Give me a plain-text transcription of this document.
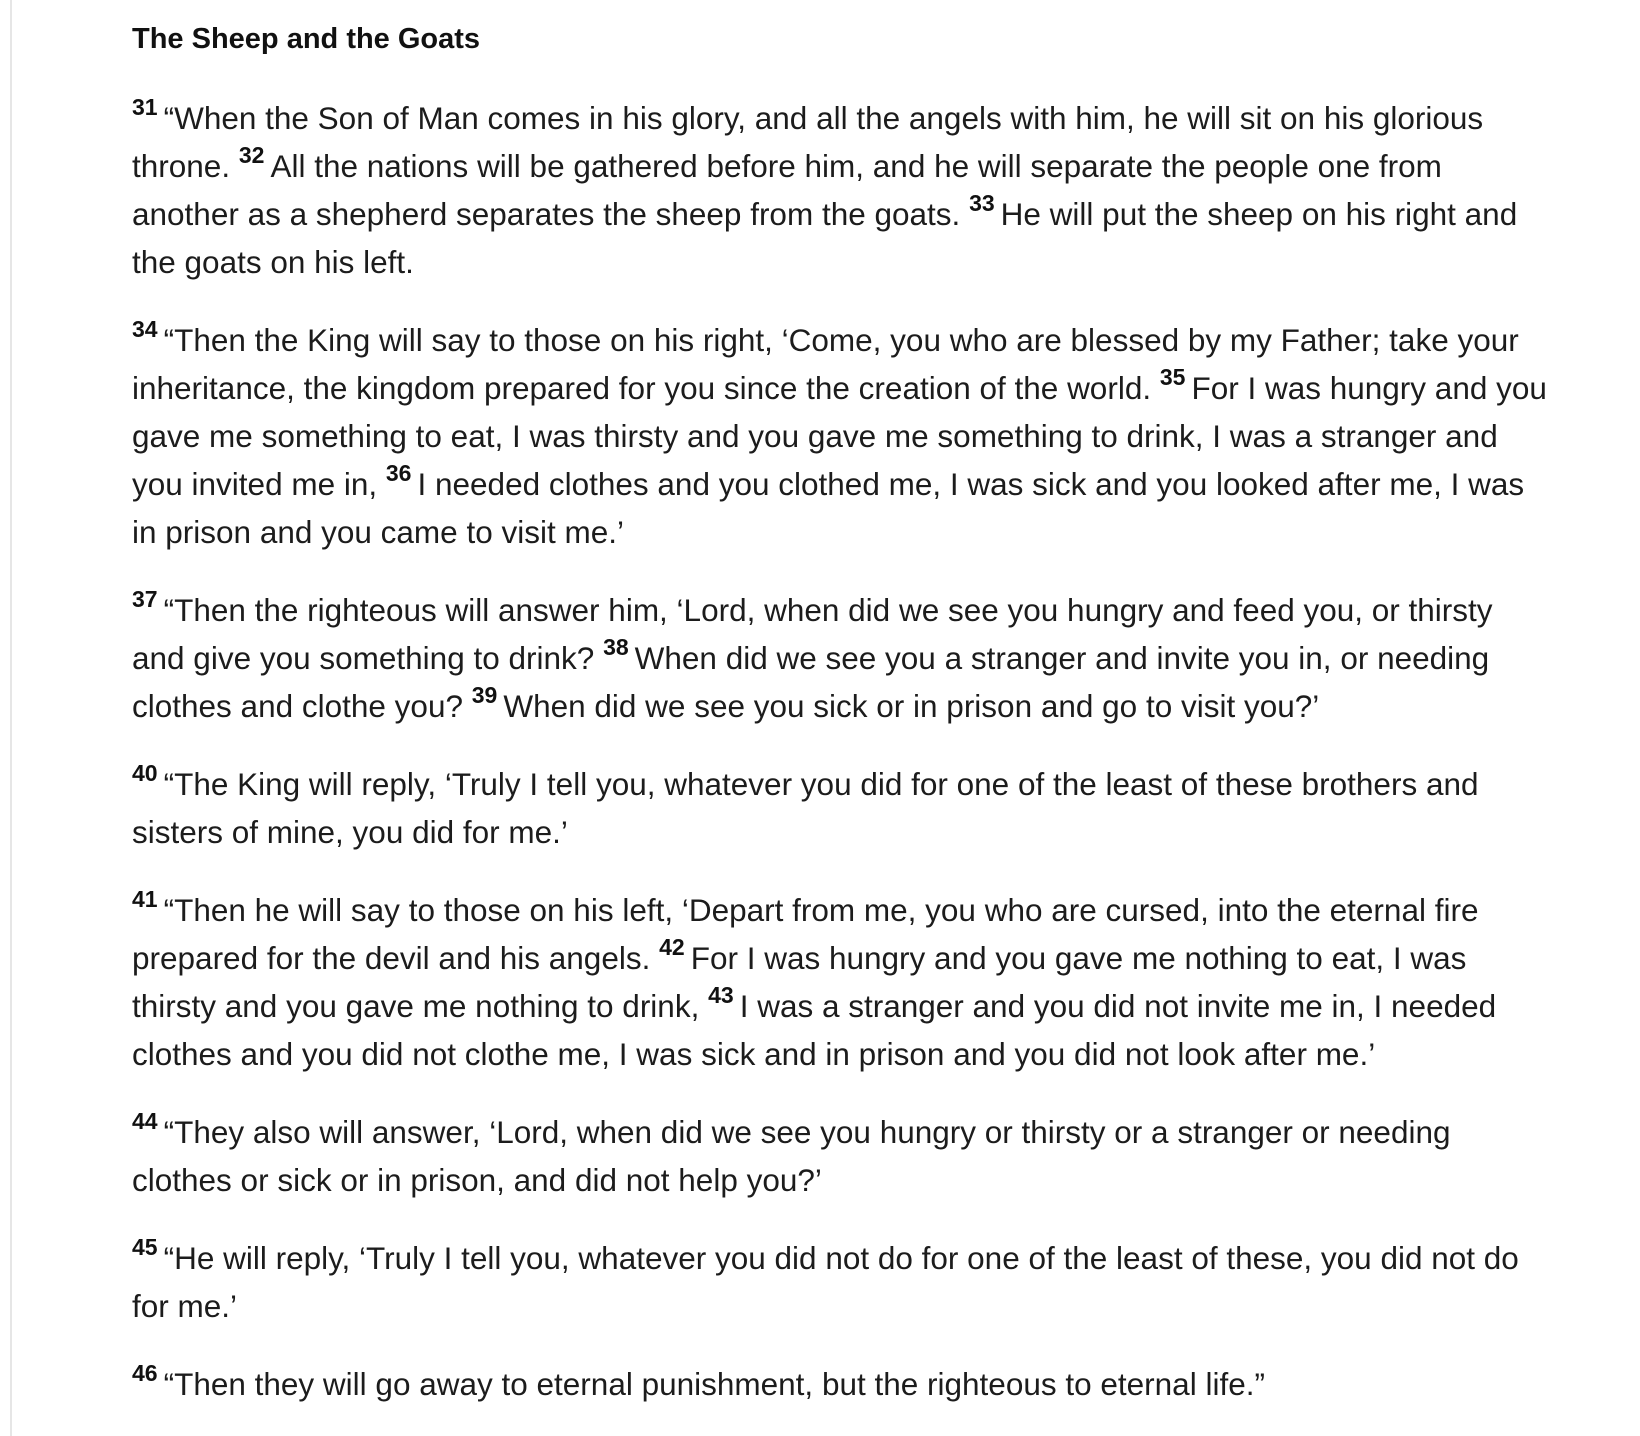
The Sheep and the Goats

$^{31}$ “When the Son of Man comes in his glory, and all the angels with him, he will sit on his glorious throne. $^{32}$ All the nations will be gathered before him, and he will separate the people one from another as a shepherd separates the sheep from the goats. $^{33}$ He will put the sheep on his right and the goats on his left.

$^{34}$ “Then the King will say to those on his right, ‘Come, you who are blessed by my Father; take your inheritance, the kingdom prepared for you since the creation of the world. $^{35}$ For I was hungry and you gave me something to eat, I was thirsty and you gave me something to drink, I was a stranger and you invited me in, $^{36}$ I needed clothes and you clothed me, I was sick and you looked after me, I was in prison and you came to visit me.’

$^{37}$ “Then the righteous will answer him, ‘Lord, when did we see you hungry and feed you, or thirsty and give you something to drink? $^{38}$ When did we see you a stranger and invite you in, or needing clothes and clothe you? $^{39}$ When did we see you sick or in prison and go to visit you?’

$^{40}$ “The King will reply, ‘Truly I tell you, whatever you did for one of the least of these brothers and sisters of mine, you did for me.’

$^{41}$ “Then he will say to those on his left, ‘Depart from me, you who are cursed, into the eternal fire prepared for the devil and his angels. $^{42}$ For I was hungry and you gave me nothing to eat, I was thirsty and you gave me nothing to drink, $^{43}$ I was a stranger and you did not invite me in, I needed clothes and you did not clothe me, I was sick and in prison and you did not look after me.’

$^{44}$ “They also will answer, ‘Lord, when did we see you hungry or thirsty or a stranger or needing clothes or sick or in prison, and did not help you?’

$^{45}$ “He will reply, ‘Truly I tell you, whatever you did not do for one of the least of these, you did not do for me.’

$^{46}$ “Then they will go away to eternal punishment, but the righteous to eternal life.”
